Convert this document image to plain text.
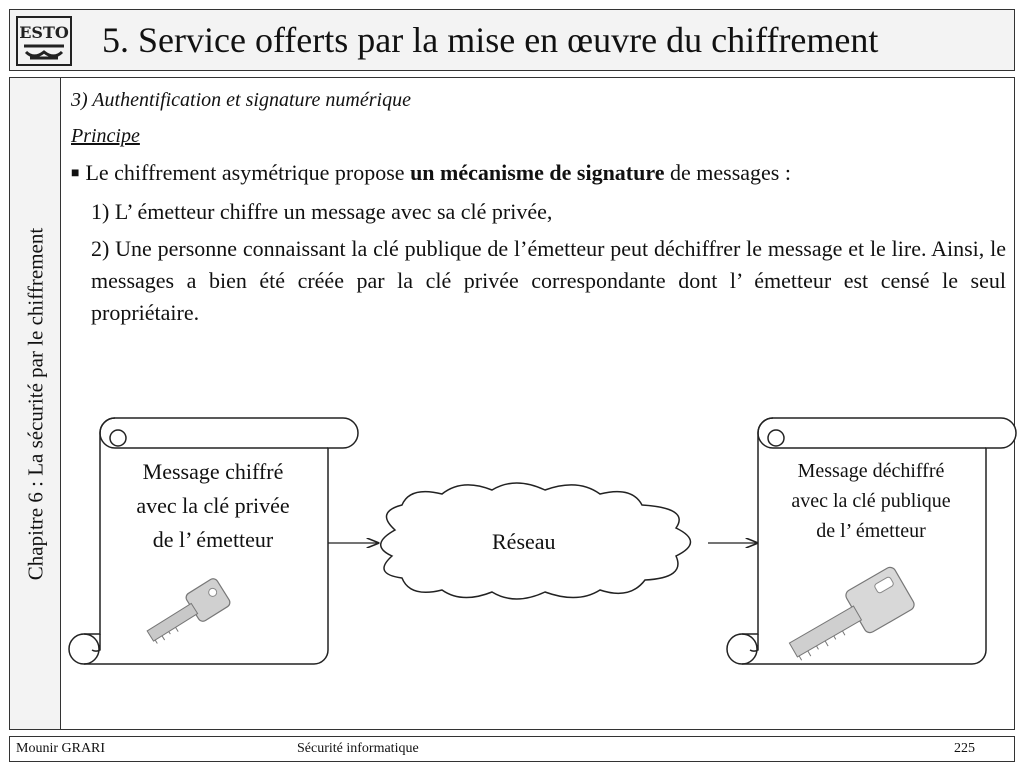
ESTO 5. Service offerts par la mise en œuvre du chiffrement
Chapitre 6 : La sécurité par le chiffrement
3) Authentification et signature numérique
Principe
■ Le chiffrement asymétrique propose un mécanisme de signature de messages :
1) L’ émetteur chiffre un message avec sa clé privée,
2) Une personne connaissant la clé publique de l’émetteur peut déchiffrer le message et le lire. Ainsi, le messages a bien été créée par la clé privée correspondante dont l’ émetteur est censé le seul propriétaire.
Message chiffré
avec la clé privée
de l’ émetteur	Réseau
Message déchiffré
avec la clé publique
de l’ émetteur
Mounir GRARI	Sécurité informatique	225
